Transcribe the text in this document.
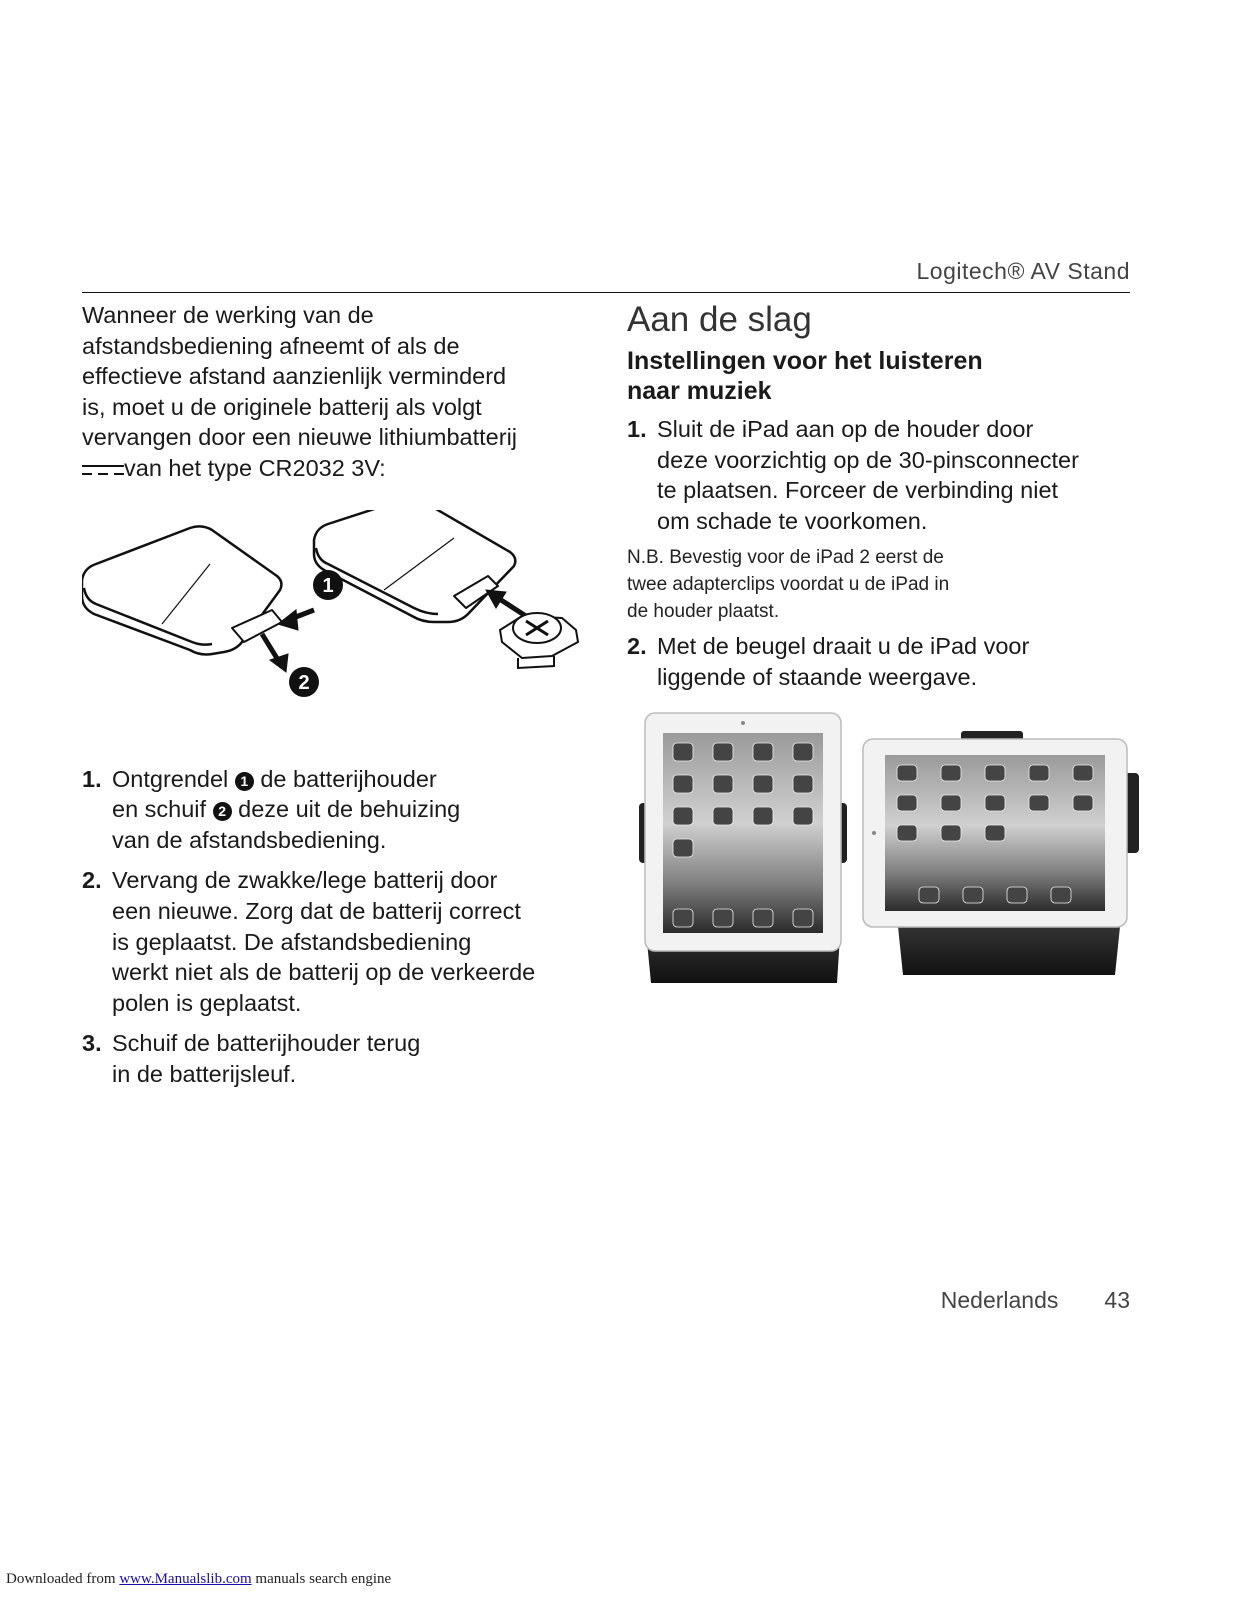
Logitech® AV Stand

Wanneer de werking van de
afstandsbediening afneemt of als de
effectieve afstand aanzienlijk verminderd
is, moet u de originele batterij als volgt
vervangen door een nieuwe lithiumbatterij
van het type CR2032 3V:

1
2
1. Ontgrendel 1 de batterijhouder
en schuif 2 deze uit de behuizing
van de afstandsbediening.
2. Vervang de zwakke/lege batterij door
een nieuwe. Zorg dat de batterij correct
is geplaatst. De afstandsbediening
werkt niet als de batterij op de verkeerde
polen is geplaatst.
3. Schuif de batterijhouder terug
in de batterijsleuf.
Aan de slag
Instellingen voor het luisteren
naar muziek
1. Sluit de iPad aan op de houder door
deze voorzichtig op de 30-pinsconnecter
te plaatsen. Forceer de verbinding niet
om schade te voorkomen.

N.B. Bevestig voor de iPad 2 eerst de
twee adapterclips voordat u de iPad in
de houder plaatst.

2. Met de beugel draait u de iPad voor
liggende of staande weergave.
Nederlands 43
Downloaded from www.Manualslib.com manuals search engine
